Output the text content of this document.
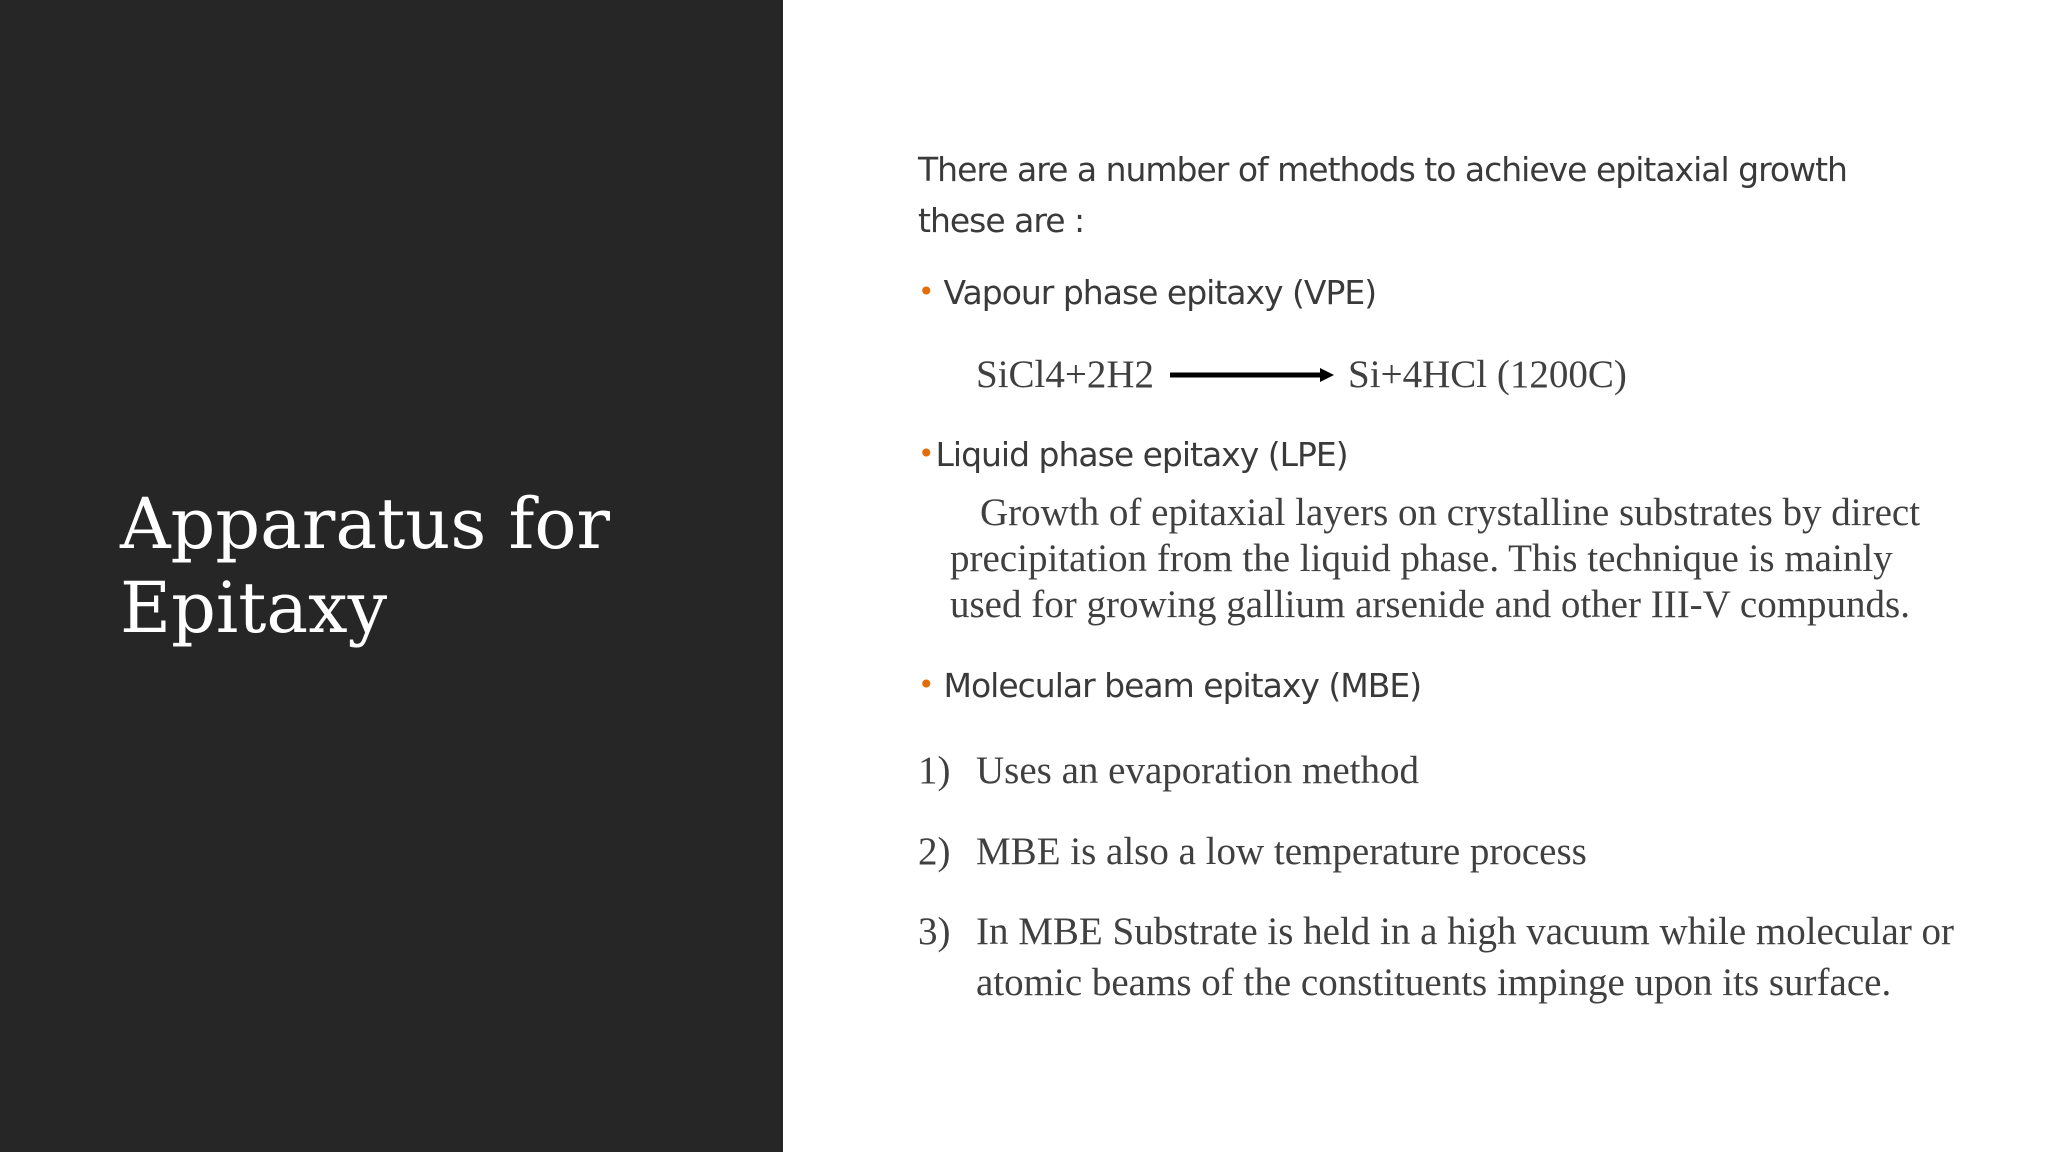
Apparatus for Epitaxy
There are a number of methods to achieve epitaxial growth these are :
• Vapour phase epitaxy (VPE)
SiCl4+2H2	Si+4HCl (1200C)
•Liquid phase epitaxy (LPE)
Growth of epitaxial layers on crystalline substrates by direct precipitation from the liquid phase. This technique is mainly used for growing gallium arsenide and other III-V compunds.
• Molecular beam epitaxy (MBE)
1) Uses an evaporation method
2) MBE is also a low temperature process
3) In MBE Substrate is held in a high vacuum while molecular or atomic beams of the constituents impinge upon its surface.
